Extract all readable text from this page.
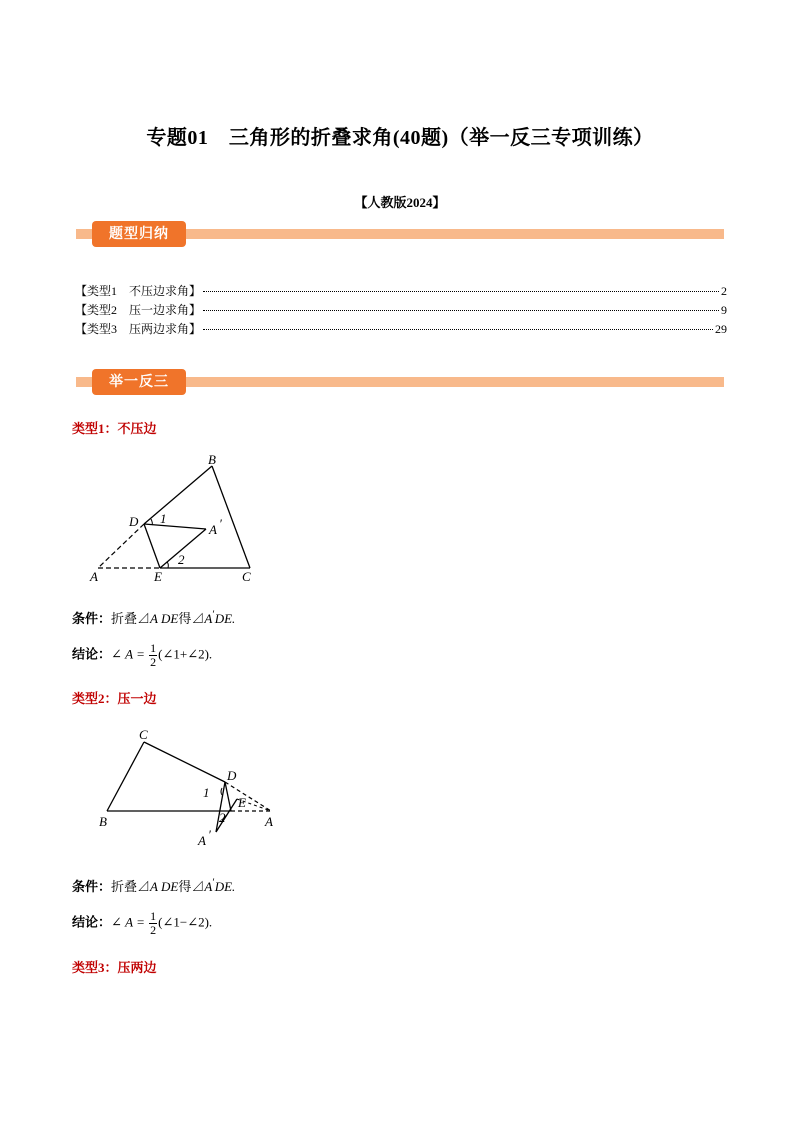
专题01　三角形的折叠求角(40题)（举一反三专项训练）
【人教版2024】
题型归纳
【类型1　不压边求角】	2
【类型2　压一边求角】	9
【类型3　压两边求角】	29
举一反三
类型1：不压边
B
D
A ′
1
2
A	E	C
条件：折叠⊿A DE得⊿A′DE.
结论：∠ $A = \frac{1}{2}$ (∠1+∠2).
类型2：压一边
C
D
1
E
2
B	A
A ′
条件：折叠⊿A DE得⊿A′DE.
结论：∠ $A = \frac{1}{2}$ (∠1−∠2).
类型3：压两边
